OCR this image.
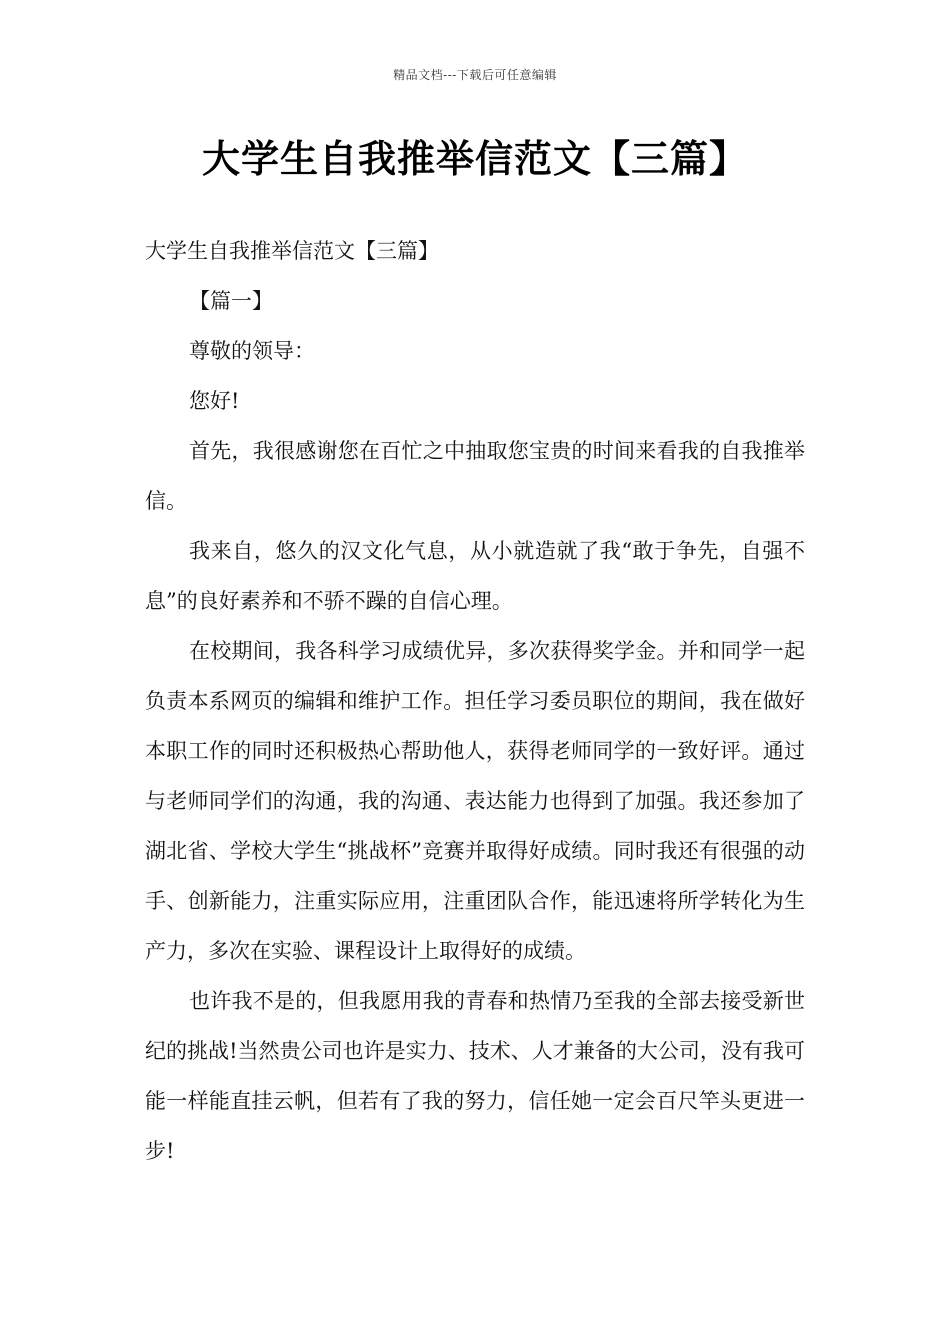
精品文档---下载后可任意编辑
大学生自我推举信范文【三篇】

大学生自我推举信范文【三篇】

【篇一】

尊敬的领导：

您好!

首先，我很感谢您在百忙之中抽取您宝贵的时间来看我的自我推举信。

我来自，悠久的汉文化气息，从小就造就了我“敢于争先，自强不息”的良好素养和不骄不躁的自信心理。

在校期间，我各科学习成绩优异，多次获得奖学金。并和同学一起负责本系网页的编辑和维护工作。担任学习委员职位的期间，我在做好本职工作的同时还积极热心帮助他人，获得老师同学的一致好评。通过与老师同学们的沟通，我的沟通、表达能力也得到了加强。我还参加了湖北省、学校大学生“挑战杯”竞赛并取得好成绩。同时我还有很强的动手、创新能力，注重实际应用，注重团队合作，能迅速将所学转化为生产力，多次在实验、课程设计上取得好的成绩。

也许我不是的，但我愿用我的青春和热情乃至我的全部去接受新世纪的挑战!当然贵公司也许是实力、技术、人才兼备的大公司，没有我可能一样能直挂云帆，但若有了我的努力，信任她一定会百尺竿头更进一步!
